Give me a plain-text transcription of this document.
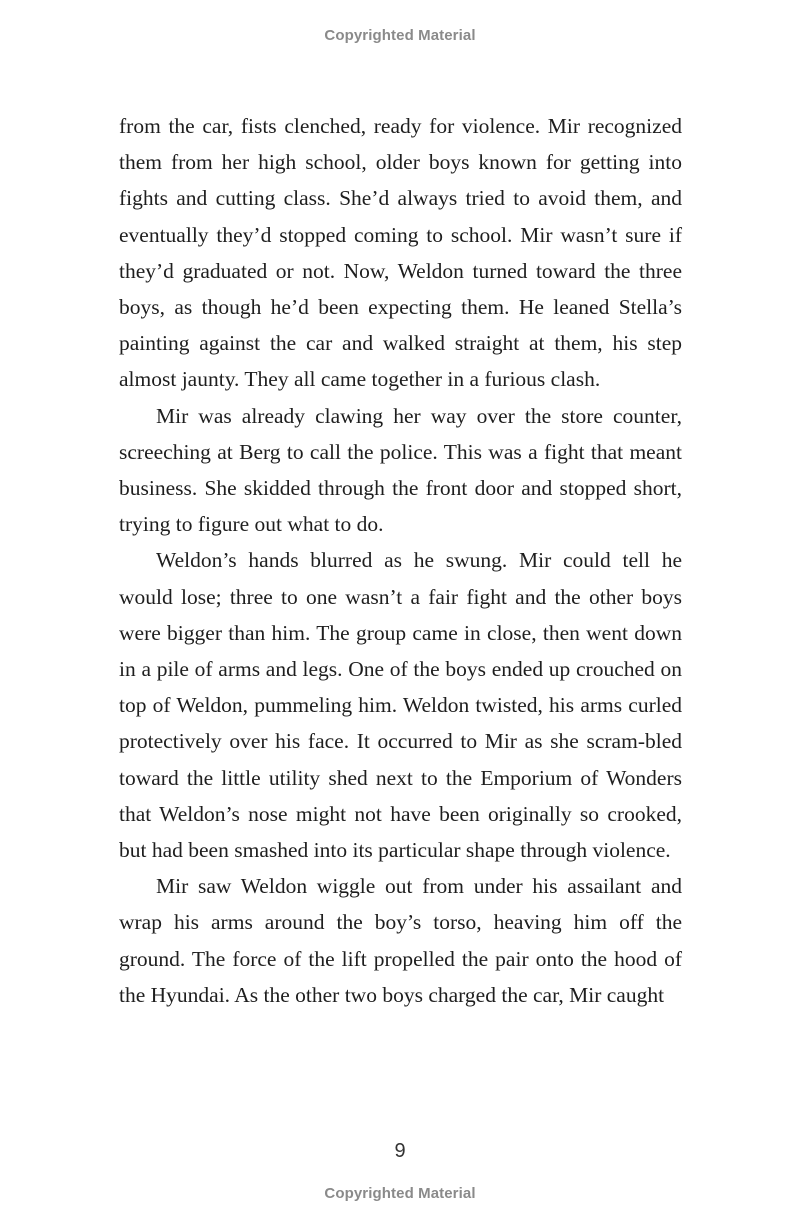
Copyrighted Material

from the car, fists clenched, ready for violence. Mir recognized them from her high school, older boys known for getting into fights and cutting class. She’d always tried to avoid them, and eventually they’d stopped coming to school. Mir wasn’t sure if they’d graduated or not. Now, Weldon turned toward the three boys, as though he’d been expecting them. He leaned Stella’s painting against the car and walked straight at them, his step almost jaunty. They all came together in a furious clash.

Mir was already clawing her way over the store counter, screeching at Berg to call the police. This was a fight that meant business. She skidded through the front door and stopped short, trying to figure out what to do.

Weldon’s hands blurred as he swung. Mir could tell he would lose; three to one wasn’t a fair fight and the other boys were bigger than him. The group came in close, then went down in a pile of arms and legs. One of the boys ended up crouched on top of Weldon, pummeling him. Weldon twisted, his arms curled protectively over his face. It occurred to Mir as she scram-bled toward the little utility shed next to the Emporium of Wonders that Weldon’s nose might not have been originally so crooked, but had been smashed into its particular shape through violence.

Mir saw Weldon wiggle out from under his assailant and wrap his arms around the boy’s torso, heaving him off the ground. The force of the lift propelled the pair onto the hood of the Hyundai. As the other two boys charged the car, Mir caught

9
Copyrighted Material
